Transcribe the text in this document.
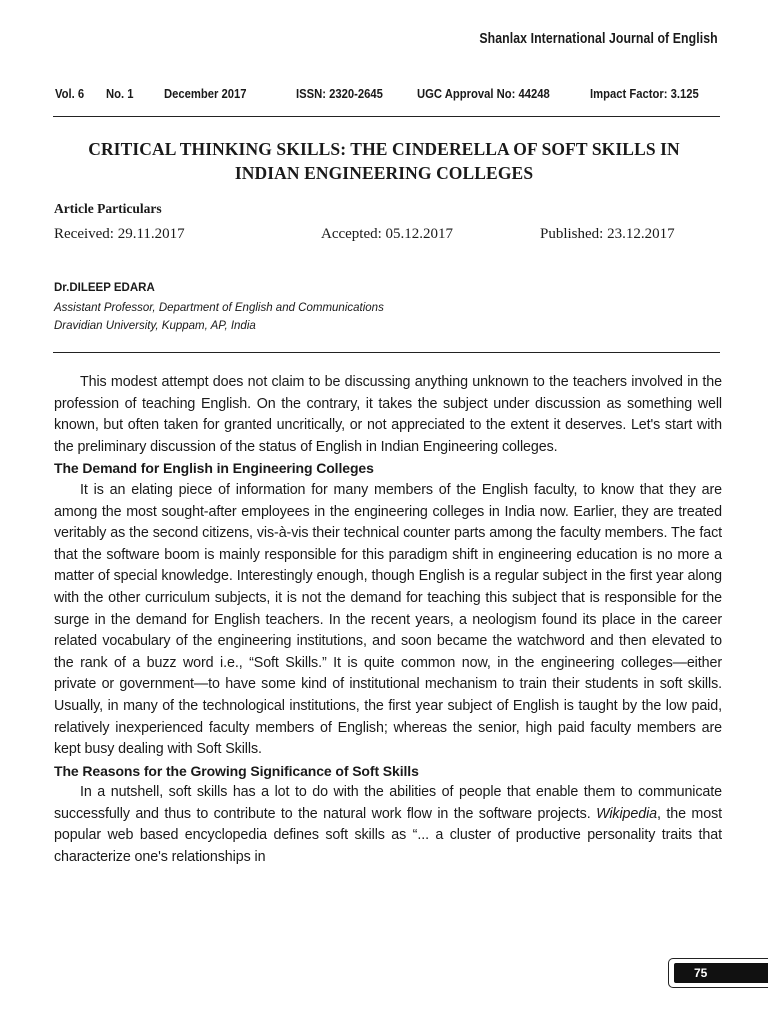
Shanlax International Journal of English
Vol. 6 No. 1 December 2017	ISSN: 2320-2645	UGC Approval No: 44248	Impact Factor: 3.125
CRITICAL THINKING SKILLS: THE CINDERELLA OF SOFT SKILLS IN
INDIAN ENGINEERING COLLEGES
Article Particulars
Received: 29.11.2017	Accepted: 05.12.2017	Published: 23.12.2017
Dr.DILEEP EDARA
Assistant Professor, Department of English and Communications
Dravidian University, Kuppam, AP, India

This modest attempt does not claim to be discussing anything unknown to the teachers involved in the profession of teaching English. On the contrary, it takes the subject under discussion as something well known, but often taken for granted uncritically, or not appreciated to the extent it deserves. Let's start with the preliminary discussion of the status of English in Indian Engineering colleges.

The Demand for English in Engineering Colleges

It is an elating piece of information for many members of the English faculty, to know that they are among the most sought-after employees in the engineering colleges in India now. Earlier, they are treated veritably as the second citizens, vis-à-vis their technical counter parts among the faculty members. The fact that the software boom is mainly responsible for this paradigm shift in engineering education is no more a matter of special knowledge. Interestingly enough, though English is a regular subject in the first year along with the other curriculum subjects, it is not the demand for teaching this subject that is responsible for the surge in the demand for English teachers. In the recent years, a neologism found its place in the career related vocabulary of the engineering institutions, and soon became the watchword and then elevated to the rank of a buzz word i.e., “Soft Skills.” It is quite common now, in the engineering colleges—either private or government—to have some kind of institutional mechanism to train their students in soft skills. Usually, in many of the technological institutions, the first year subject of English is taught by the low paid, relatively inexperienced faculty members of English; whereas the senior, high paid faculty members are kept busy dealing with Soft Skills.

The Reasons for the Growing Significance of Soft Skills

In a nutshell, soft skills has a lot to do with the abilities of people that enable them to communicate successfully and thus to contribute to the natural work flow in the software projects. Wikipedia, the most popular web based encyclopedia defines soft skills as “... a cluster of productive personality traits that characterize one's relationships in

75
